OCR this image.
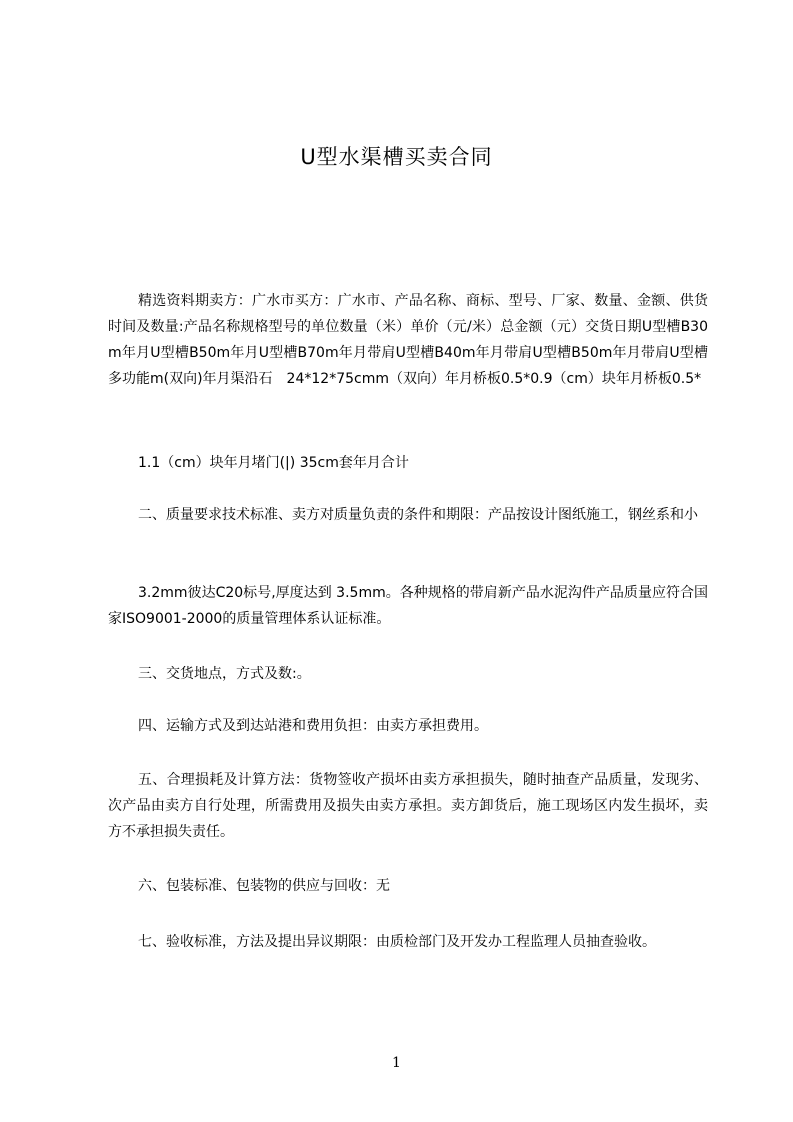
U型水渠槽买卖合同
精选资料期卖方：广水市买方：广水市、产品名称、商标、型号、厂家、数量、金额、供货时间及数量:产品名称规格型号的单位数量（米）单价（元/米）总金额（元）交货日期U型槽B30m年月U型槽B50m年月U型槽B70m年月带肩U型槽B40m年月带肩U型槽B50m年月带肩U型槽多功能m(双向)年月渠沿石　24*12*75cmm（双向）年月桥板0.5*0.9（cm）块年月桥板0.5*
1.1（cm）块年月堵门(|) 35cm套年月合计
二、质量要求技术标准、卖方对质量负责的条件和期限：产品按设计图纸施工，钢丝系和小
3.2mm彼达C20标号,厚度达到 3.5mm。各种规格的带肩新产品水泥沟件产品质量应符合国家ISO9001-2000的质量管理体系认证标准。
三、交货地点，方式及数:。
四、运输方式及到达站港和费用负担：由卖方承担费用。
五、合理损耗及计算方法：货物签收产损坏由卖方承担损失，随时抽查产品质量，发现劣、次产品由卖方自行处理，所需费用及损失由卖方承担。卖方卸货后，施工现场区内发生损坏，卖方不承担损失责任。
六、包装标准、包装物的供应与回收：无
七、验收标准，方法及提出异议期限：由质检部门及开发办工程监理人员抽查验收。
1
